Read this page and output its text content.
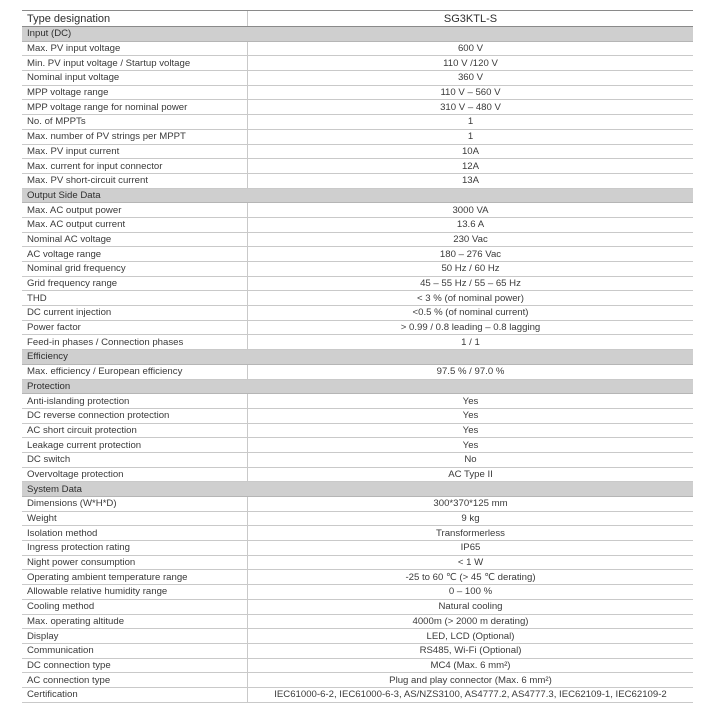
Type designation	SG3KTL-S
Input (DC)
Max. PV input voltage	600 V
Min. PV input voltage / Startup voltage	110 V /120 V
Nominal input voltage	360 V
MPP voltage range	110 V – 560 V
MPP voltage range for nominal power	310 V – 480 V
No. of MPPTs	1
Max. number of PV strings per MPPT	1
Max. PV input current	10A
Max. current for input connector	12A
Max. PV short-circuit current	13A
Output Side Data
Max. AC output power	3000 VA
Max. AC output current	13.6 A
Nominal AC voltage	230 Vac
AC voltage range	180 – 276 Vac
Nominal grid frequency	50 Hz / 60 Hz
Grid frequency range	45 – 55 Hz / 55 – 65 Hz
THD	< 3 % (of nominal power)
DC current injection	<0.5 % (of nominal current)
Power factor	> 0.99 / 0.8 leading – 0.8 lagging
Feed-in phases / Connection phases	1 / 1
Efficiency
Max. efficiency / European efficiency	97.5 % / 97.0 %
Protection
Anti-islanding protection	Yes
DC reverse connection protection	Yes
AC short circuit protection	Yes
Leakage current protection	Yes
DC switch	No
Overvoltage protection	AC Type II
System Data
Dimensions (W*H*D)	300*370*125 mm
Weight	9 kg
Isolation method	Transformerless
Ingress protection rating	IP65
Night power consumption	< 1 W
Operating ambient temperature range	-25 to 60 ℃ (> 45 ℃ derating)
Allowable relative humidity range	0 – 100 %
Cooling method	Natural cooling
Max. operating altitude	4000m (> 2000 m derating)
Display	LED, LCD (Optional)
Communication	RS485, Wi-Fi (Optional)
DC connection type	MC4 (Max. 6 mm²)
AC connection type	Plug and play connector (Max. 6 mm²)
Certification	IEC61000-6-2, IEC61000-6-3, AS/NZS3100, AS4777.2, AS4777.3, IEC62109-1, IEC62109-2
